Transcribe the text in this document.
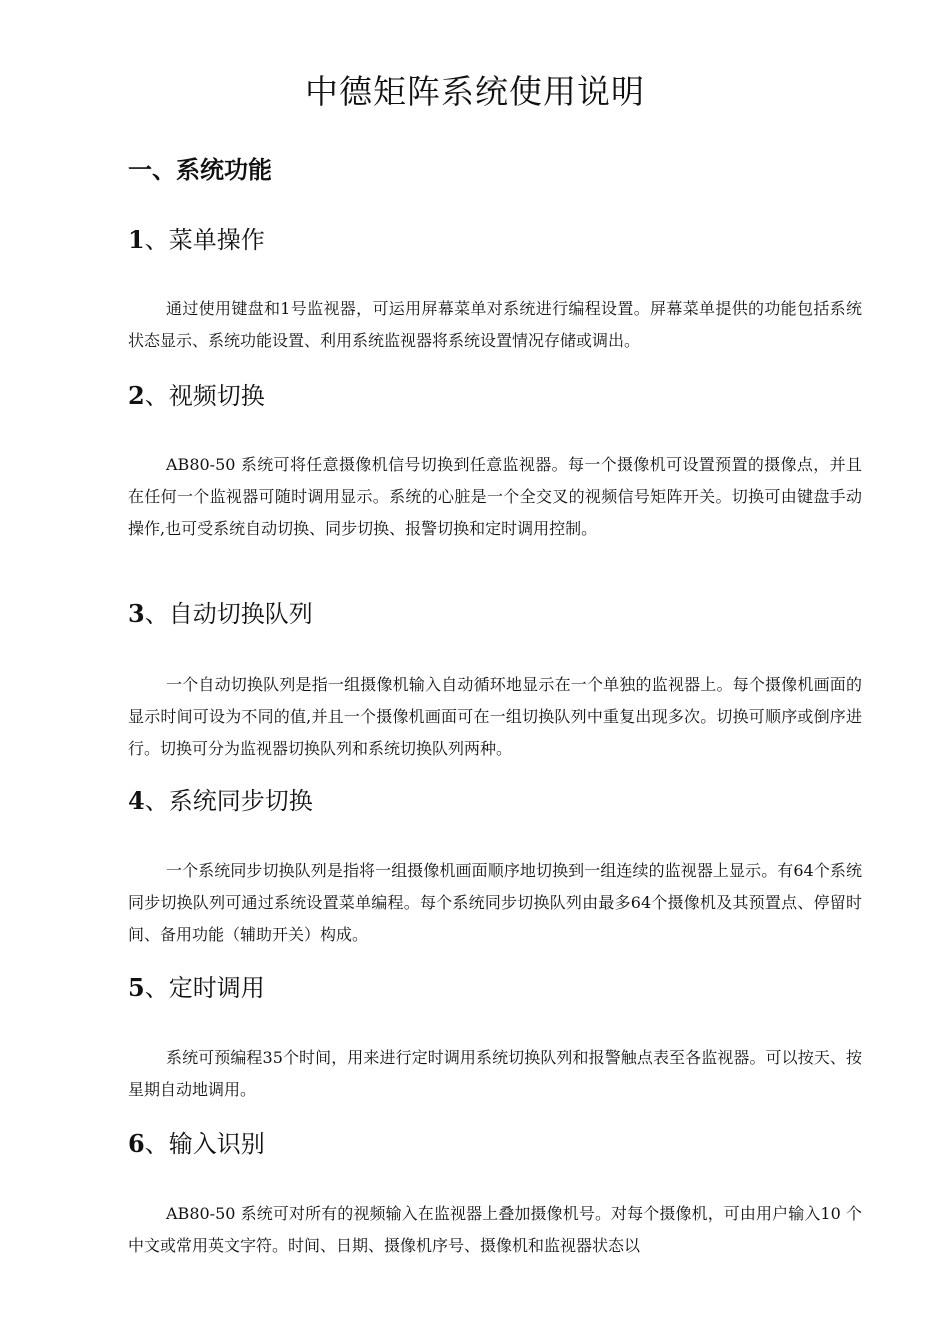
中德矩阵系统使用说明
一、系统功能
1、菜单操作
通过使用键盘和1号监视器，可运用屏幕菜单对系统进行编程设置。屏幕菜单提供的功能包括系统状态显示、系统功能设置、利用系统监视器将系统设置情况存储或调出。
2、视频切换
AB80-50 系统可将任意摄像机信号切换到任意监视器。每一个摄像机可设置预置的摄像点，并且在任何一个监视器可随时调用显示。系统的心脏是一个全交叉的视频信号矩阵开关。切换可由键盘手动操作,也可受系统自动切换、同步切换、报警切换和定时调用控制。
3、自动切换队列
一个自动切换队列是指一组摄像机输入自动循环地显示在一个单独的监视器上。每个摄像机画面的显示时间可设为不同的值,并且一个摄像机画面可在一组切换队列中重复出现多次。切换可顺序或倒序进行。切换可分为监视器切换队列和系统切换队列两种。
4、系统同步切换
一个系统同步切换队列是指将一组摄像机画面顺序地切换到一组连续的监视器上显示。有64个系统同步切换队列可通过系统设置菜单编程。每个系统同步切换队列由最多64个摄像机及其预置点、停留时间、备用功能（辅助开关）构成。
5、定时调用
系统可预编程35个时间，用来进行定时调用系统切换队列和报警触点表至各监视器。可以按天、按星期自动地调用。
6、输入识别
AB80-50 系统可对所有的视频输入在监视器上叠加摄像机号。对每个摄像机，可由用户输入10 个中文或常用英文字符。时间、日期、摄像机序号、摄像机和监视器状态以
